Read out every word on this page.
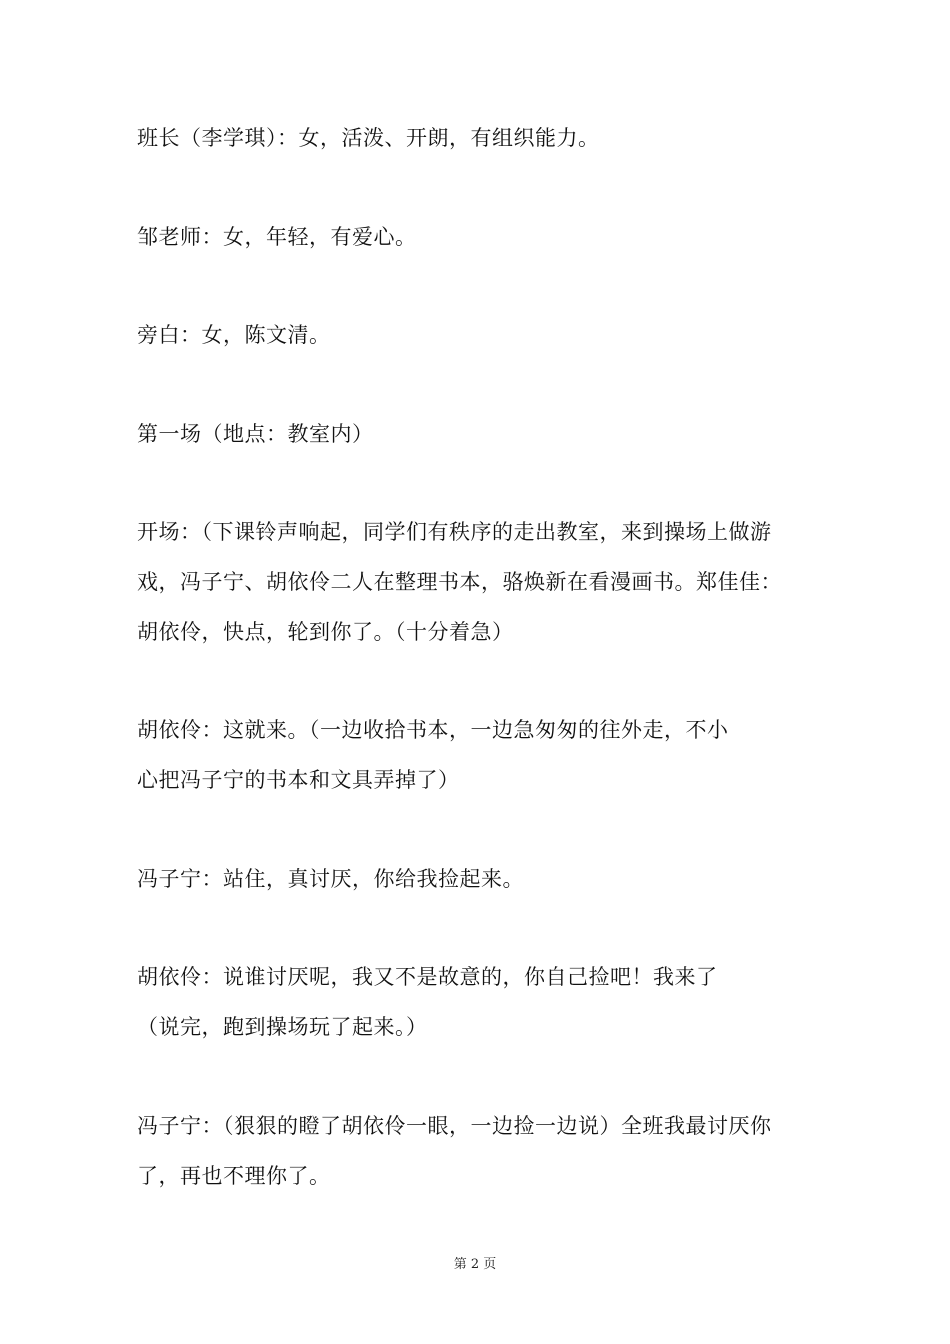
班长（李学琪）：女，活泼、开朗，有组织能力。
邹老师：女，年轻，有爱心。
旁白：女，陈文清。
第一场（地点：教室内）
开场：（下课铃声响起，同学们有秩序的走出教室，来到操场上做游
戏，冯子宁、胡依伶二人在整理书本，骆焕新在看漫画书。郑佳佳：
胡依伶，快点，轮到你了。（十分着急）
胡依伶：这就来。（一边收拾书本，一边急匆匆的往外走，不小
心把冯子宁的书本和文具弄掉了）
冯子宁：站住，真讨厌，你给我捡起来。
胡依伶：说谁讨厌呢，我又不是故意的，你自己捡吧！我来了
（说完，跑到操场玩了起来。）
冯子宁：（狠狠的瞪了胡依伶一眼，一边捡一边说）全班我最讨厌你
了，再也不理你了。
第 2 页
